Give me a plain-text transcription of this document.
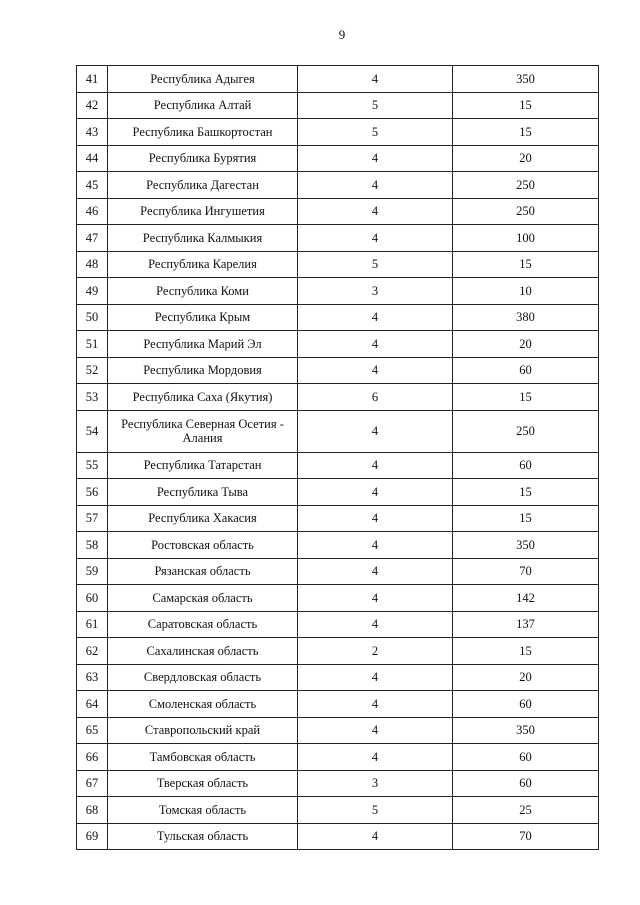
9
41	Республика Адыгея	4	350
42	Республика Алтай	5	15
43	Республика Башкортостан	5	15
44	Республика Бурятия	4	20
45	Республика Дагестан	4	250
46	Республика Ингушетия	4	250
47	Республика Калмыкия	4	100
48	Республика Карелия	5	15
49	Республика Коми	3	10
50	Республика Крым	4	380
51	Республика Марий Эл	4	20
52	Республика Мордовия	4	60
53	Республика Саха (Якутия)	6	15
54	Республика Северная Осетия - Алания	4	250
55	Республика Татарстан	4	60
56	Республика Тыва	4	15
57	Республика Хакасия	4	15
58	Ростовская область	4	350
59	Рязанская область	4	70
60	Самарская область	4	142
61	Саратовская область	4	137
62	Сахалинская область	2	15
63	Свердловская область	4	20
64	Смоленская область	4	60
65	Ставропольский край	4	350
66	Тамбовская область	4	60
67	Тверская область	3	60
68	Томская область	5	25
69	Тульская область	4	70
